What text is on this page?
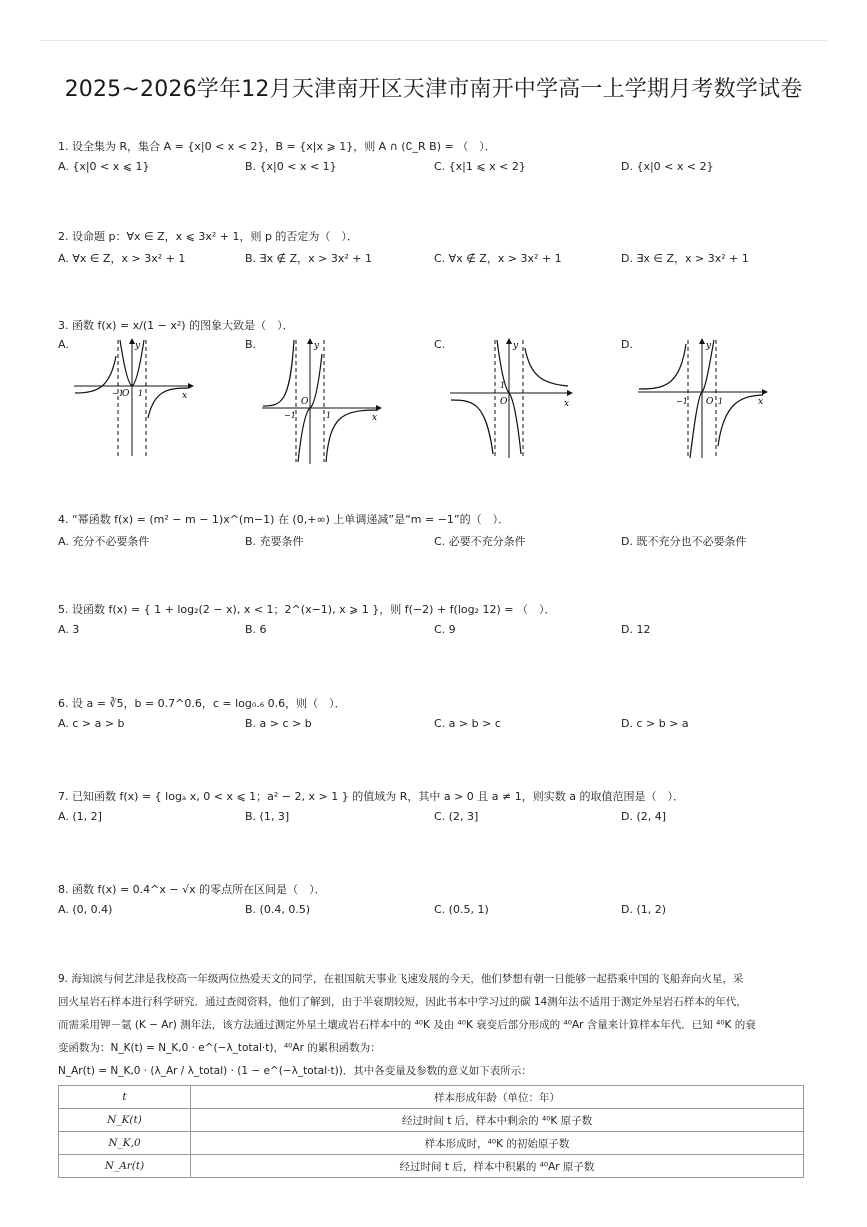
2025~2026学年12月天津南开区天津市南开中学高一上学期月考数学试卷
1. 设全集为 R，集合 A = {x|0 < x < 2}，B = {x|x ⩾ 1}，则 A ∩ (∁_R B) = （　）．
A. {x|0 < x ⩽ 1}	B. {x|0 < x < 1}	C. {x|1 ⩽ x < 2}	D. {x|0 < x < 2}
2. 设命题 p：∀x ∈ Z，x ⩽ 3x² + 1，则 p 的否定为（　）．
A. ∀x ∈ Z，x > 3x² + 1	B. ∃x ∉ Z，x > 3x² + 1	C. ∀x ∉ Z，x > 3x² + 1	D. ∃x ∈ Z，x > 3x² + 1
3. 函数 f(x) = x/(1 − x²) 的图象大致是（　）．
A.	y
x
O
−1 1
B.	y
x
O
−1	1
C.	y
x
O
1
D.	y
x
O
−1	1
4. “幂函数 f(x) = (m² − m − 1)x^(m−1) 在 (0,+∞) 上单调递减”是“m = −1”的（　）．
A. 充分不必要条件	B. 充要条件	C. 必要不充分条件	D. 既不充分也不必要条件
5. 设函数 f(x) = { 1 + log₂(2 − x), x < 1；2^(x−1), x ⩾ 1 }，则 f(−2) + f(log₂ 12) = （　）．
A. 3	B. 6	C. 9	D. 12
6. 设 a = ∛5，b = 0.7^0.6，c = log₀.₆ 0.6，则（　）．
A. c > a > b	B. a > c > b	C. a > b > c	D. c > b > a
7. 已知函数 f(x) = { logₐ x, 0 < x ⩽ 1；a² − 2, x > 1 } 的值域为 R，其中 a > 0 且 a ≠ 1，则实数 a 的取值范围是（　）．
A. (1, 2]	B. (1, 3]	C. (2, 3]	D. (2, 4]
8. 函数 f(x) = 0.4^x − √x 的零点所在区间是（　）．
A. (0, 0.4)	B. (0.4, 0.5)	C. (0.5, 1)	D. (1, 2)
9. 海知滨与何艺津是我校高一年级两位热爱天文的同学，在祖国航天事业飞速发展的今天，他们梦想有朝一日能够一起搭乘中国的飞船奔向火星，采
回火星岩石样本进行科学研究．通过查阅资料，他们了解到，由于半衰期较短，因此书本中学习过的碳 14测年法不适用于测定外星岩石样本的年代，
而需采用钾－氩 (K − Ar) 测年法，该方法通过测定外星土壤或岩石样本中的 ⁴⁰K 及由 ⁴⁰K 衰变后部分形成的 ⁴⁰Ar 含量来计算样本年代．已知 ⁴⁰K 的衰
变函数为：N_K(t) = N_K,0 · e^(−λ_total·t)，⁴⁰Ar 的累积函数为：
N_Ar(t) = N_K,0 · (λ_Ar / λ_total) · (1 − e^(−λ_total·t))．其中各变量及参数的意义如下表所示：
t	样本形成年龄（单位：年）
N_K(t)	经过时间 t 后，样本中剩余的 ⁴⁰K 原子数
N_K,0	样本形成时，⁴⁰K 的初始原子数
N_Ar(t)	经过时间 t 后，样本中积累的 ⁴⁰Ar 原子数
